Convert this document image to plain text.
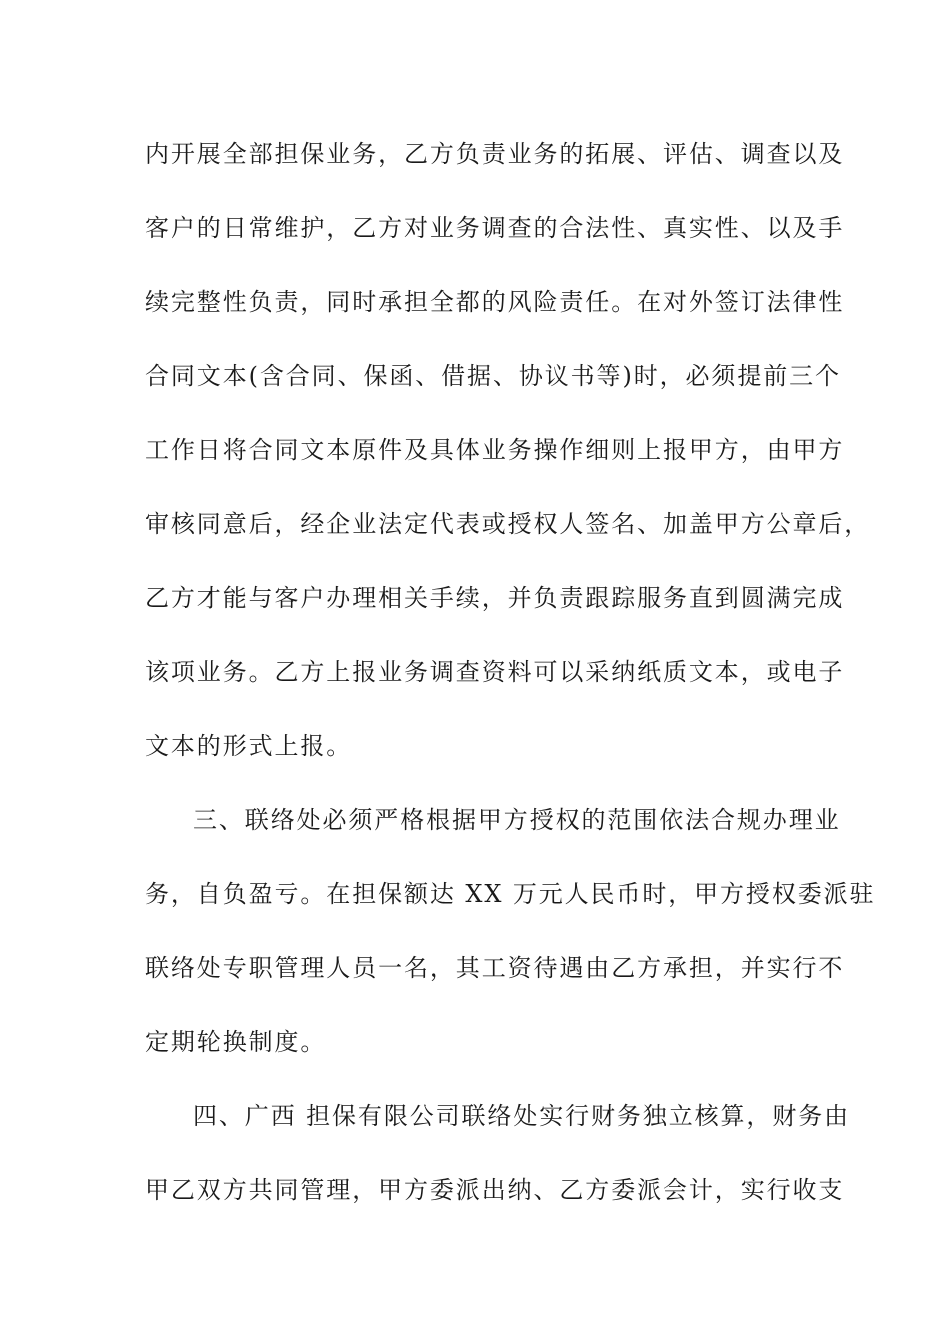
内开展全部担保业务，乙方负责业务的拓展、评估、调查以及
客户的日常维护，乙方对业务调查的合法性、真实性、以及手
续完整性负责，同时承担全都的风险责任。在对外签订法律性
合同文本(含合同、保函、借据、协议书等)时，必须提前三个
工作日将合同文本原件及具体业务操作细则上报甲方，由甲方
审核同意后，经企业法定代表或授权人签名、加盖甲方公章后，
乙方才能与客户办理相关手续，并负责跟踪服务直到圆满完成
该项业务。乙方上报业务调查资料可以采纳纸质文本，或电子
文本的形式上报。
三、联络处必须严格根据甲方授权的范围依法合规办理业
务，自负盈亏。在担保额达 XX 万元人民币时，甲方授权委派驻
联络处专职管理人员一名，其工资待遇由乙方承担，并实行不
定期轮换制度。
四、广西 担保有限公司联络处实行财务独立核算，财务由
甲乙双方共同管理，甲方委派出纳、乙方委派会计，实行收支
